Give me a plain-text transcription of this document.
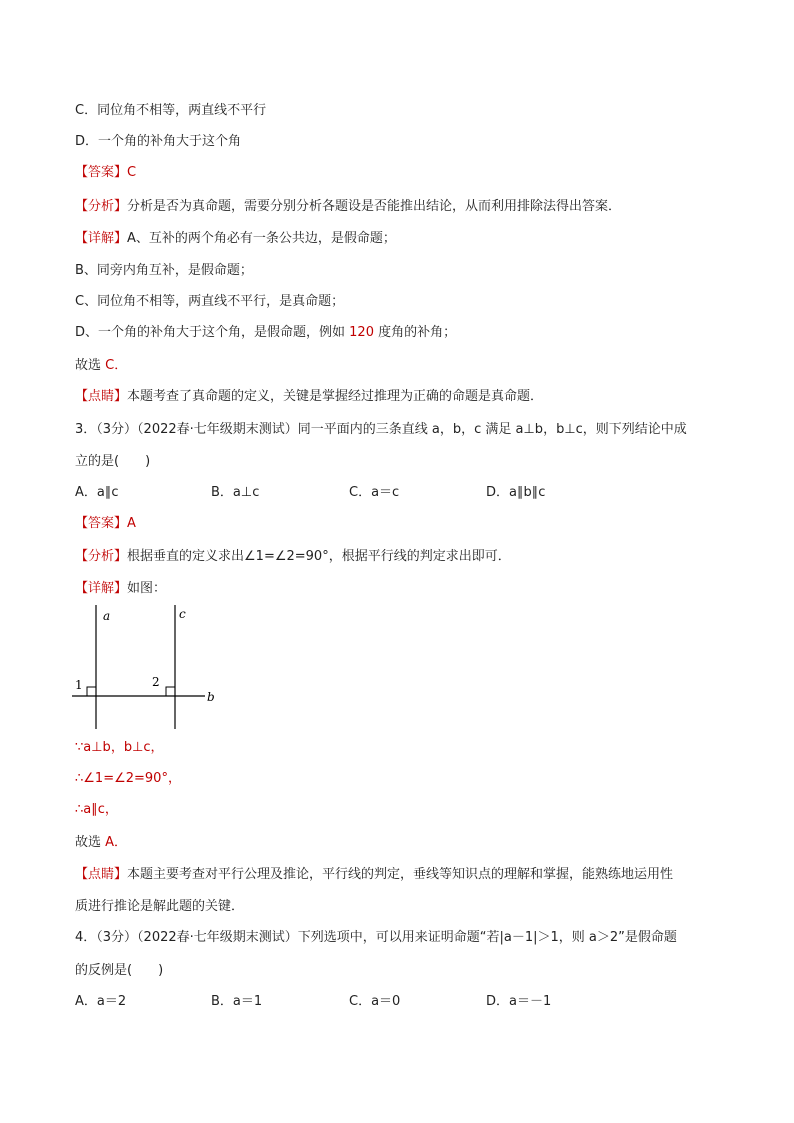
C．同位角不相等，两直线不平行
D．一个角的补角大于这个角
【答案】C
【分析】分析是否为真命题，需要分别分析各题设是否能推出结论，从而利用排除法得出答案．
【详解】A、互补的两个角必有一条公共边，是假命题；
B、同旁内角互补，是假命题；
C、同位角不相等，两直线不平行，是真命题；
D、一个角的补角大于这个角，是假命题，例如 120 度角的补角；
故选 C．
【点睛】本题考查了真命题的定义，关键是掌握经过推理为正确的命题是真命题．
3．（3分）（2022春·七年级期末测试）同一平面内的三条直线 a，b，c 满足 a⊥b，b⊥c，则下列结论中成
立的是(　　)
A．a∥c	B．a⊥c	C．a＝c	D．a∥b∥c
【答案】A
【分析】根据垂直的定义求出∠1=∠2=90°，根据平行线的判定求出即可．
【详解】如图：
a	c
b
1	2
∵a⊥b，b⊥c，
∴∠1=∠2=90°，
∴a∥c，
故选 A．
【点睛】本题主要考查对平行公理及推论，平行线的判定，垂线等知识点的理解和掌握，能熟练地运用性
质进行推论是解此题的关键．
4．（3分）（2022春·七年级期末测试）下列选项中，可以用来证明命题“若|a－1|＞1，则 a＞2”是假命题
的反例是(　　)
A．a＝2	B．a＝1	C．a＝0	D．a＝－1
